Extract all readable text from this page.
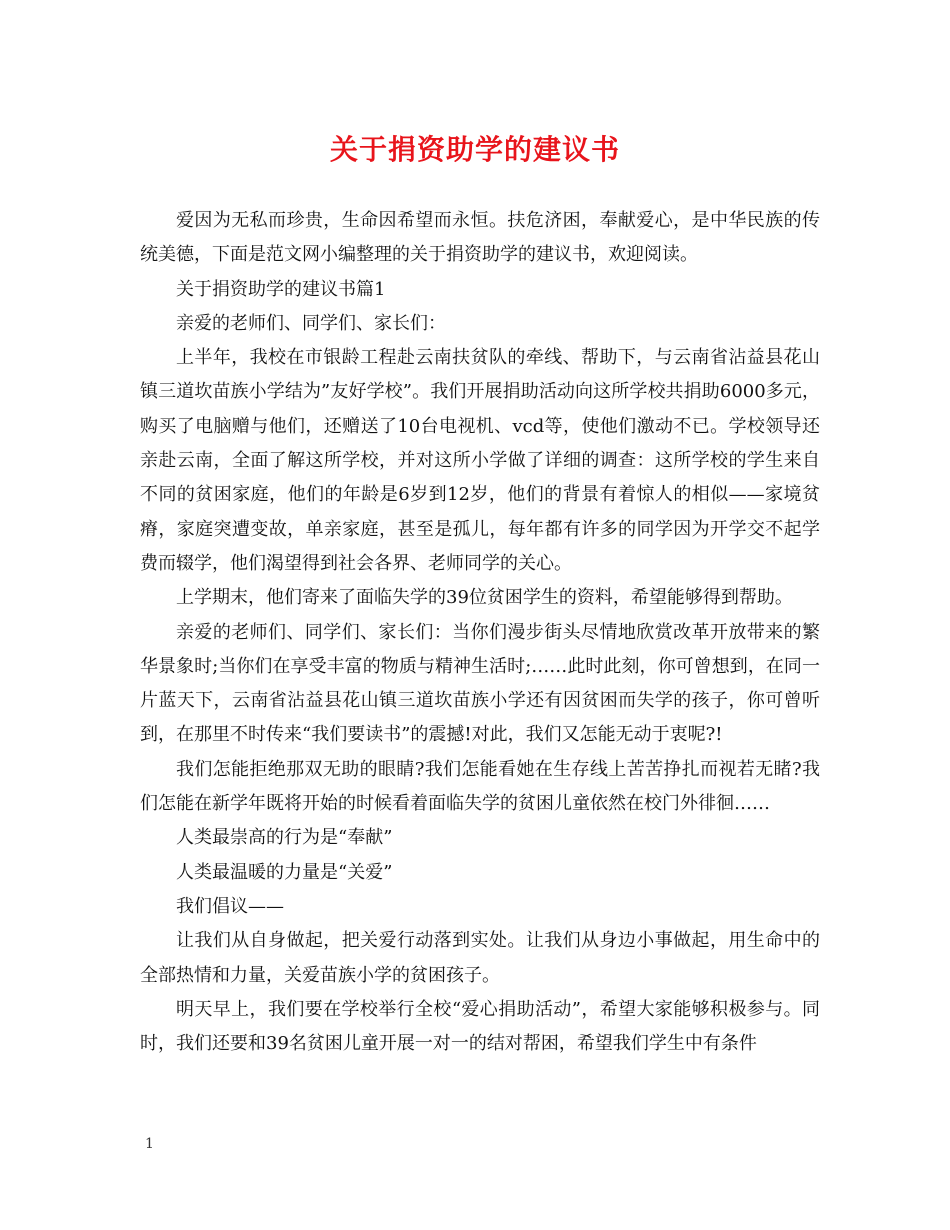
关于捐资助学的建议书

爱因为无私而珍贵，生命因希望而永恒。扶危济困，奉献爱心，是中华民族的传统美德，下面是范文网小编整理的关于捐资助学的建议书，欢迎阅读。

关于捐资助学的建议书篇1

亲爱的老师们、同学们、家长们：

上半年，我校在市银龄工程赴云南扶贫队的牵线、帮助下，与云南省沾益县花山镇三道坎苗族小学结为”友好学校”。我们开展捐助活动向这所学校共捐助6000多元，购买了电脑赠与他们，还赠送了10台电视机、vcd等，使他们激动不已。学校领导还亲赴云南，全面了解这所学校，并对这所小学做了详细的调查：这所学校的学生来自不同的贫困家庭，他们的年龄是6岁到12岁，他们的背景有着惊人的相似——家境贫瘠，家庭突遭变故，单亲家庭，甚至是孤儿，每年都有许多的同学因为开学交不起学费而辍学，他们渴望得到社会各界、老师同学的关心。

上学期末，他们寄来了面临失学的39位贫困学生的资料，希望能够得到帮助。

亲爱的老师们、同学们、家长们：当你们漫步街头尽情地欣赏改革开放带来的繁华景象时;当你们在享受丰富的物质与精神生活时;……此时此刻，你可曾想到，在同一片蓝天下，云南省沾益县花山镇三道坎苗族小学还有因贫困而失学的孩子，你可曾听到，在那里不时传来“我们要读书”的震撼!对此，我们又怎能无动于衷呢?!

我们怎能拒绝那双无助的眼睛?我们怎能看她在生存线上苦苦挣扎而视若无睹?我们怎能在新学年既将开始的时候看着面临失学的贫困儿童依然在校门外徘徊……

人类最崇高的行为是“奉献”

人类最温暖的力量是“关爱”

我们倡议——

让我们从自身做起，把关爱行动落到实处。让我们从身边小事做起，用生命中的全部热情和力量，关爱苗族小学的贫困孩子。

明天早上，我们要在学校举行全校“爱心捐助活动”，希望大家能够积极参与。同时，我们还要和39名贫困儿童开展一对一的结对帮困，希望我们学生中有条件

1
